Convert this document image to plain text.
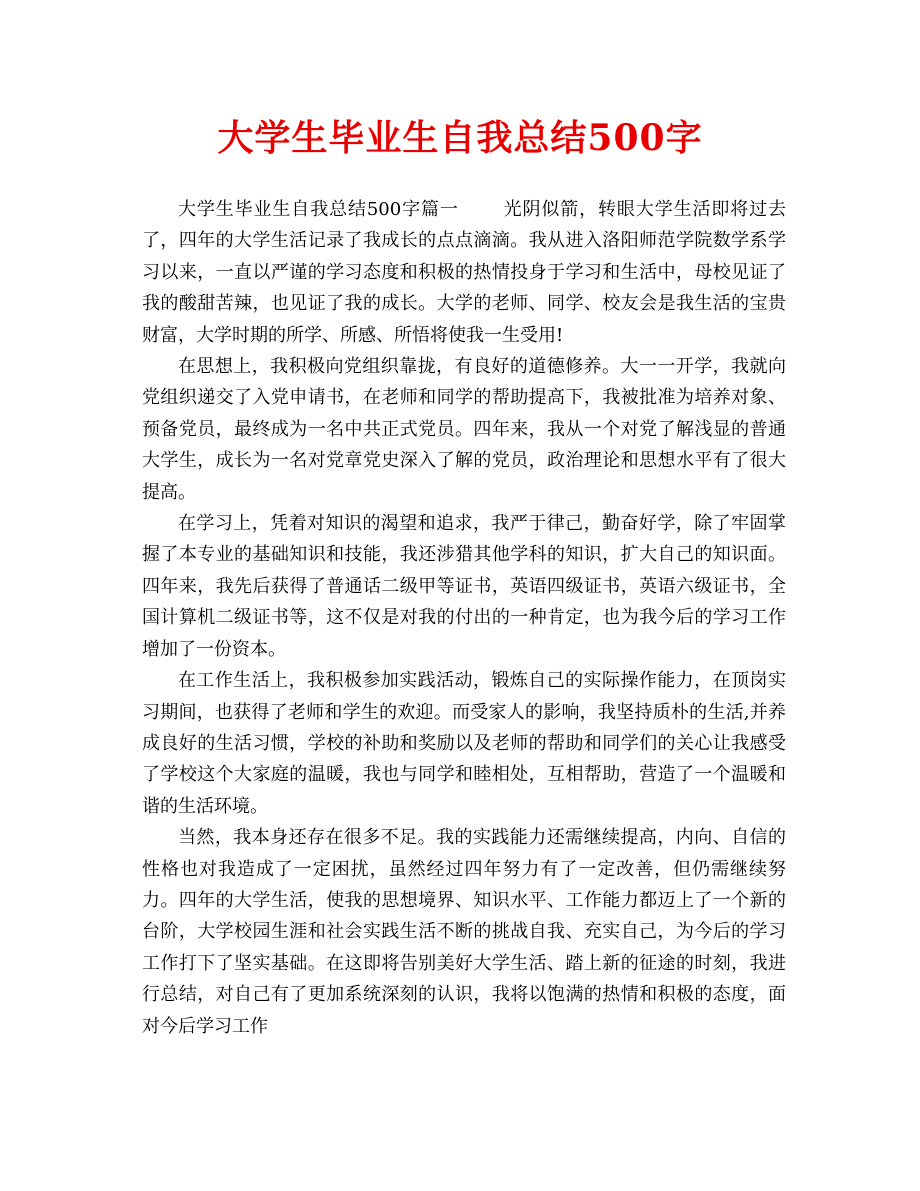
大学生毕业生自我总结500字

大学生毕业生自我总结500字篇一 光阴似箭，转眼大学生活即将过去了，四年的大学生活记录了我成长的点点滴滴。我从进入洛阳师范学院数学系学习以来，一直以严谨的学习态度和积极的热情投身于学习和生活中，母校见证了我的酸甜苦辣，也见证了我的成长。大学的老师、同学、校友会是我生活的宝贵财富，大学时期的所学、所感、所悟将使我一生受用!

在思想上，我积极向党组织靠拢，有良好的道德修养。大一一开学，我就向党组织递交了入党申请书，在老师和同学的帮助提高下，我被批准为培养对象、预备党员，最终成为一名中共正式党员。四年来，我从一个对党了解浅显的普通大学生，成长为一名对党章党史深入了解的党员，政治理论和思想水平有了很大提高。

在学习上，凭着对知识的渴望和追求，我严于律己，勤奋好学，除了牢固掌握了本专业的基础知识和技能，我还涉猎其他学科的知识，扩大自己的知识面。四年来，我先后获得了普通话二级甲等证书，英语四级证书，英语六级证书，全国计算机二级证书等，这不仅是对我的付出的一种肯定，也为我今后的学习工作增加了一份资本。

在工作生活上，我积极参加实践活动，锻炼自己的实际操作能力，在顶岗实习期间，也获得了老师和学生的欢迎。而受家人的影响，我坚持质朴的生活,并养成良好的生活习惯，学校的补助和奖励以及老师的帮助和同学们的关心让我感受了学校这个大家庭的温暖，我也与同学和睦相处，互相帮助，营造了一个温暖和谐的生活环境。

当然，我本身还存在很多不足。我的实践能力还需继续提高，内向、自信的性格也对我造成了一定困扰，虽然经过四年努力有了一定改善，但仍需继续努力。四年的大学生活，使我的思想境界、知识水平、工作能力都迈上了一个新的台阶，大学校园生涯和社会实践生活不断的挑战自我、充实自己，为今后的学习工作打下了坚实基础。在这即将告别美好大学生活、踏上新的征途的时刻，我进行总结，对自己有了更加系统深刻的认识，我将以饱满的热情和积极的态度，面对今后学习工作
